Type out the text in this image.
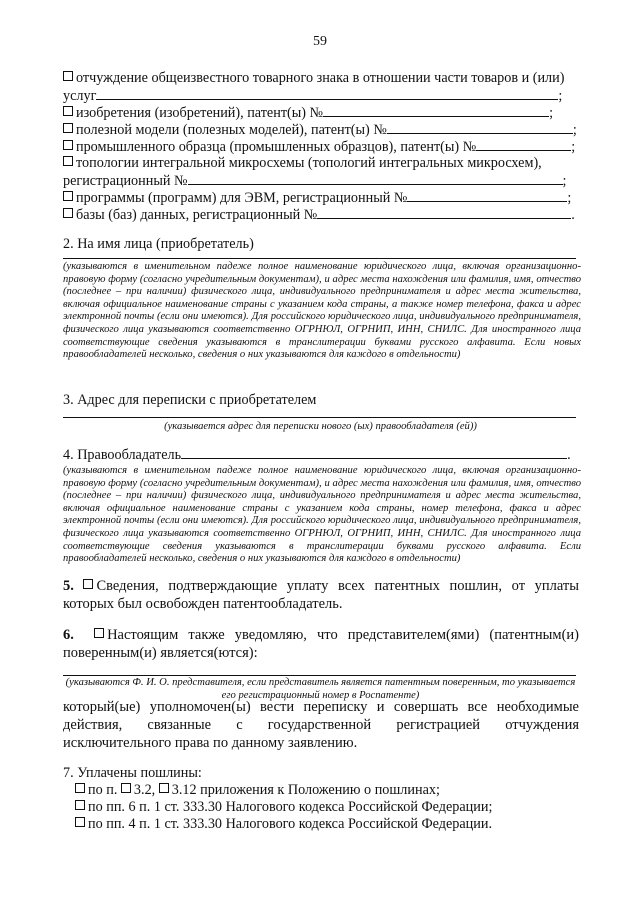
59
отчуждение общеизвестного товарного знака в отношении части товаров и (или)
услуг	;
изобретения (изобретений), патент(ы) №	;
полезной модели (полезных моделей), патент(ы) №	;
промышленного образца (промышленных образцов), патент(ы) №	;
топологии интегральной микросхемы (топологий интегральных микросхем),
регистрационный №	;
программы (программ) для ЭВМ, регистрационный №	;
базы (баз) данных, регистрационный №	.
2. На имя лица (приобретатель)
(указываются в именительном падеже полное наименование юридического лица, включая организационно-правовую форму (согласно учредительным документам), и адрес места нахождения или фамилия, имя, отчество (последнее – при наличии) физического лица, индивидуального предпринимателя и адрес места жительства, включая официальное наименование страны с указанием кода страны, а также номер телефона, факса и адрес электронной почты (если они имеются). Для российского юридического лица, индивидуального предпринимателя, физического лица указываются соответственно ОГРНЮЛ, ОГРНИП, ИНН, СНИЛС. Для иностранного лица соответствующие сведения указываются в транслитерации буквами русского алфавита. Если новых правообладателей несколько, сведения о них указываются для каждого в отдельности)
3. Адрес для переписки с приобретателем
(указывается адрес для переписки нового (ых) правообладателя (ей))
4. Правообладатель	.
(указываются в именительном падеже полное наименование юридического лица, включая организационно-правовую форму (согласно учредительным документам), и адрес места нахождения или фамилия, имя, отчество (последнее – при наличии) физического лица, индивидуального предпринимателя и адрес места жительства, включая официальное наименование страны с указанием кода страны, номер телефона, факса и адрес электронной почты (если они имеются). Для российского юридического лица, индивидуального предпринимателя, физического лица указываются соответственно ОГРНЮЛ, ОГРНИП, ИНН, СНИЛС. Для иностранного лица соответствующие сведения указываются в транслитерации буквами русского алфавита. Если правообладателей несколько, сведения о них указываются для каждого в отдельности)
5. Сведения, подтверждающие уплату всех патентных пошлин, от уплаты которых был освобожден патентообладатель.
6. Настоящим также уведомляю, что представителем(ями) (патентным(и) поверенным(и) является(ются):
(указываются Ф. И. О. представителя, если представитель является патентным поверенным, то указывается его регистрационный номер в Роспатенте)
который(ые) уполномочен(ы) вести переписку и совершать все необходимые действия, связанные с государственной регистрацией отчуждения исключительного права по данному заявлению.
7. Уплачены пошлины:
по п. 3.2, 3.12 приложения к Положению о пошлинах;
по пп. 6 п. 1 ст. 333.30 Налогового кодекса Российской Федерации;
по пп. 4 п. 1 ст. 333.30 Налогового кодекса Российской Федерации.
